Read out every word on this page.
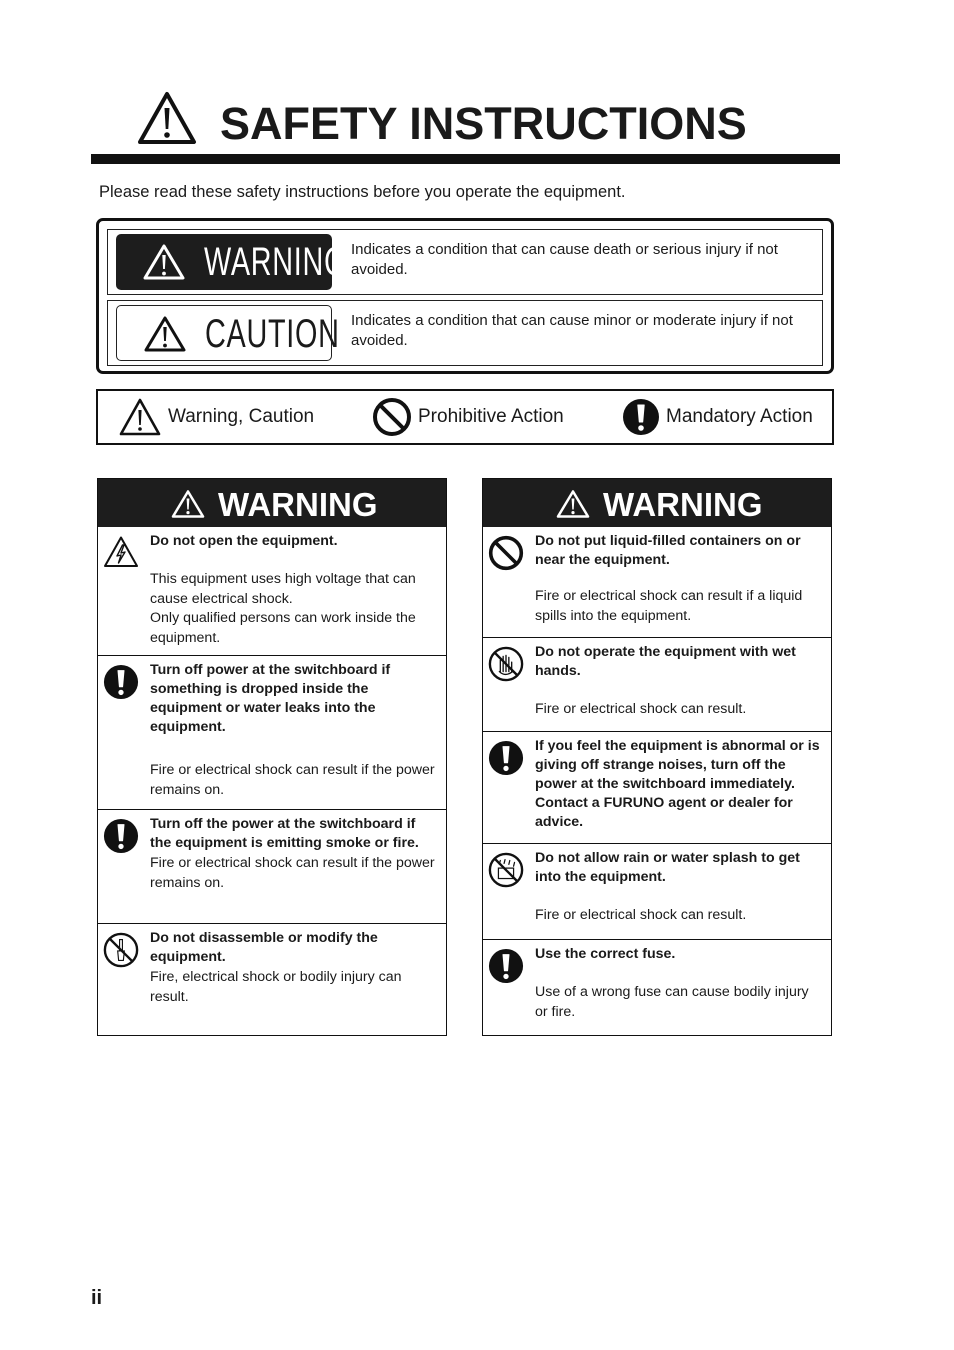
SAFETY INSTRUCTIONS
Please read these safety instructions before you operate the equipment.
WARNING Indicates a condition that can cause death or serious injury if not avoided.
CAUTION Indicates a condition that can cause minor or moderate injury if not avoided.
Warning, Caution	Prohibitive Action	Mandatory Action
WARNING
Do not open the equipment.
This equipment uses high voltage that can cause electrical shock.
Only qualified persons can work inside the equipment.
Turn off power at the switchboard if something is dropped inside the equipment or water leaks into the equipment.
Fire or electrical shock can result if the power remains on.
Turn off the power at the switchboard if the equipment is emitting smoke or fire.
Fire or electrical shock can result if the power remains on.
Do not disassemble or modify the equipment.
Fire, electrical shock or bodily injury can result.
WARNING
Do not put liquid-filled containers on or near the equipment.
Fire or electrical shock can result if a liquid spills into the equipment.
Do not operate the equipment with wet hands.
Fire or electrical shock can result.
If you feel the equipment is abnormal or is giving off strange noises, turn off the power at the switchboard immediately. Contact a FURUNO agent or dealer for advice.
Do not allow rain or water splash to get into the equipment.
Fire or electrical shock can result.
Use the correct fuse.
Use of a wrong fuse can cause bodily injury or fire.
ii
